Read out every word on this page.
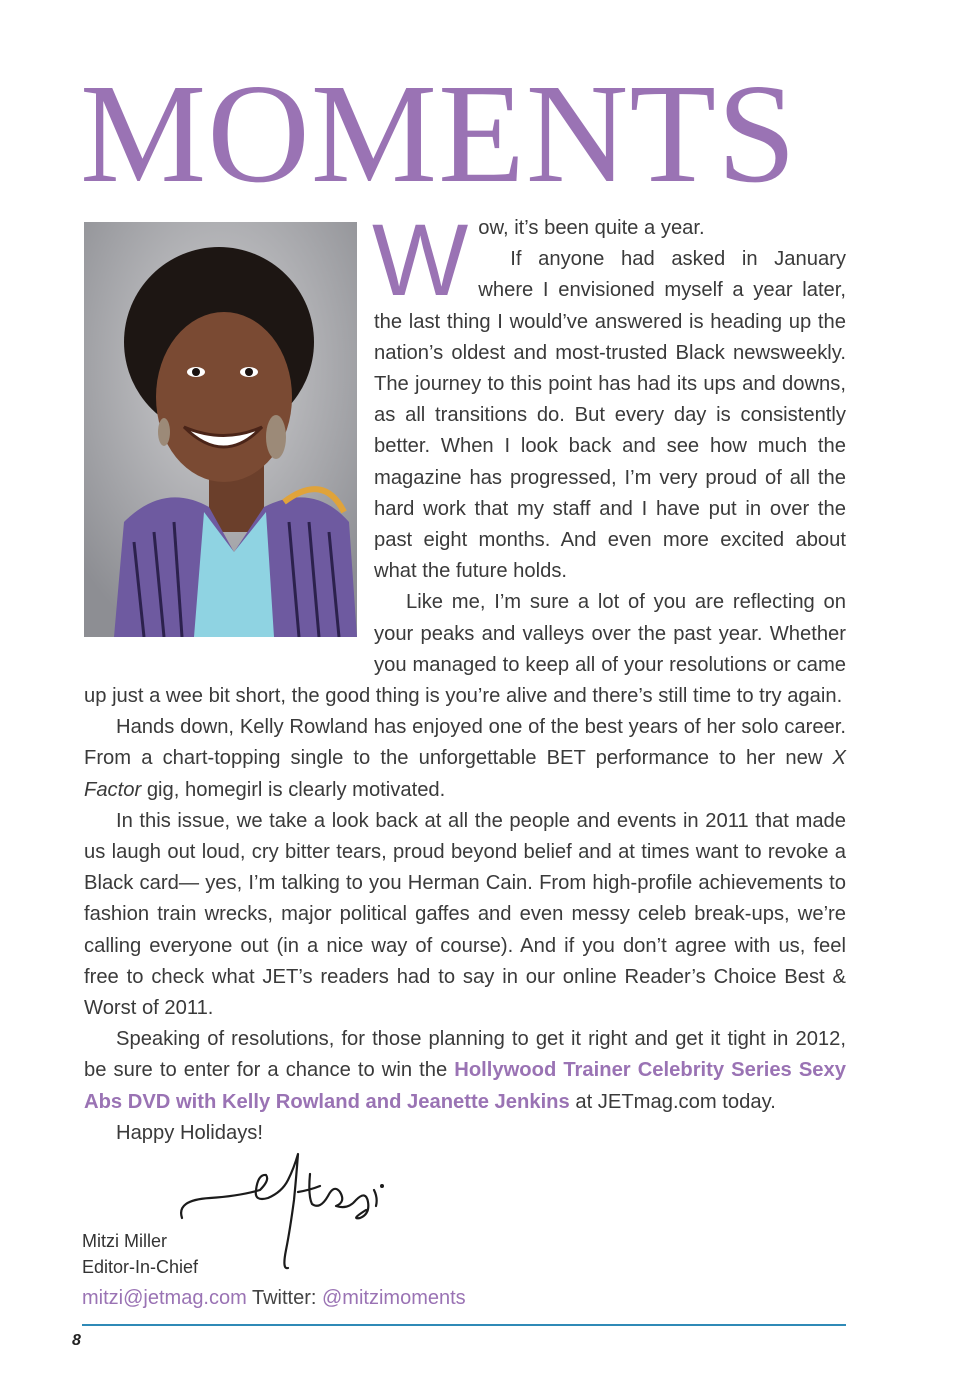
MOMENTS

Wow, it’s been quite a year.

If anyone had asked in January where I envisioned myself a year later, the last thing I would’ve answered is heading up the nation’s oldest and most-trusted Black newsweekly. The journey to this point has had its ups and downs, as all transitions do. But every day is consistently better. When I look back and see how much the magazine has progressed, I’m very proud of all the hard work that my staff and I have put in over the past eight months. And even more excited about what the future holds.

Like me, I’m sure a lot of you are reflecting on your peaks and valleys over the past year. Whether you managed to keep all of your resolutions or came up just a wee bit short, the good thing is you’re alive and there’s still time to try again.

Hands down, Kelly Rowland has enjoyed one of the best years of her solo career. From a chart-topping single to the unforgettable BET performance to her new X Factor gig, homegirl is clearly motivated.

In this issue, we take a look back at all the people and events in 2011 that made us laugh out loud, cry bitter tears, proud beyond belief and at times want to revoke a Black card— yes, I’m talking to you Herman Cain. From high-profile achievements to fashion train wrecks, major political gaffes and even messy celeb break-ups, we’re calling everyone out (in a nice way of course). And if you don’t agree with us, feel free to check what JET’s readers had to say in our online Reader’s Choice Best & Worst of 2011.

Speaking of resolutions, for those planning to get it right and get it tight in 2012, be sure to enter for a chance to win the Hollywood Trainer Celebrity Series Sexy Abs DVD with Kelly Rowland and Jeanette Jenkins at JETmag.com today.

Happy Holidays!

Mitzi Miller
Editor-In-Chief
mitzi@jetmag.com Twitter: @mitzimoments
8
